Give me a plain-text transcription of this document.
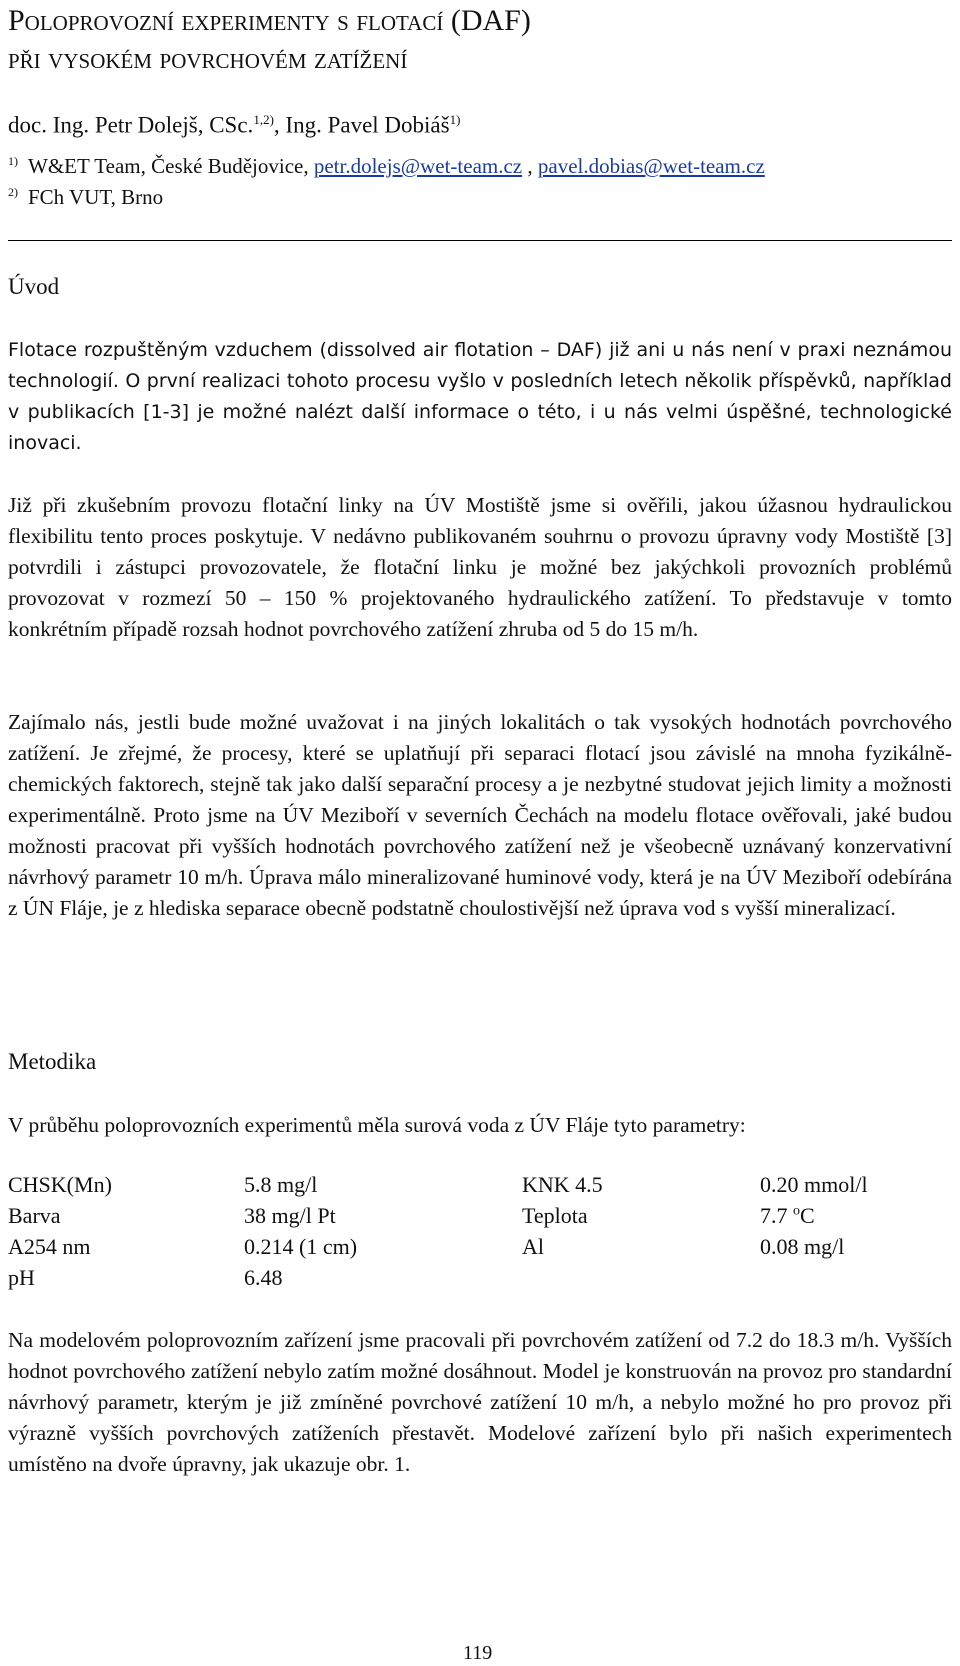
Poloprovozní experimenty s flotací (DAF)
při vysokém povrchovém zatížení

doc. Ing. Petr Dolejš, CSc.$^{1,2)}$, Ing. Pavel Dobiáš$^{1)}$

$^{1)}$ W&ET Team, České Budějovice, petr.dolejs@wet-team.cz , pavel.dobias@wet-team.cz

$^{2)}$ FCh VUT, Brno

Úvod

Flotace rozpuštěným vzduchem (dissolved air flotation – DAF) již ani u nás není v praxi neznámou technologií. O první realizaci tohoto procesu vyšlo v posledních letech několik příspěvků, například v publikacích [1-3] je možné nalézt další informace o této, i u nás velmi úspěšné, technologické inovaci.

Již při zkušebním provozu flotační linky na ÚV Mostiště jsme si ověřili, jakou úžasnou hydraulickou flexibilitu tento proces poskytuje. V nedávno publikovaném souhrnu o provozu úpravny vody Mostiště [3] potvrdili i zástupci provozovatele, že flotační linku je možné bez jakýchkoli provozních problémů provozovat v rozmezí 50 – 150 % projektovaného hydraulického zatížení. To představuje v tomto konkrétním případě rozsah hodnot povrchového zatížení zhruba od 5 do 15 m/h.

Zajímalo nás, jestli bude možné uvažovat i na jiných lokalitách o tak vysokých hodnotách povrchového zatížení. Je zřejmé, že procesy, které se uplatňují při separaci flotací jsou závislé na mnoha fyzikálně-chemických faktorech, stejně tak jako další separační procesy a je nezbytné studovat jejich limity a možnosti experimentálně. Proto jsme na ÚV Meziboří v severních Čechách na modelu flotace ověřovali, jaké budou možnosti pracovat při vyšších hodnotách povrchového zatížení než je všeobecně uznávaný konzervativní návrhový parametr 10 m/h. Úprava málo mineralizované huminové vody, která je na ÚV Meziboří odebírána z ÚN Fláje, je z hlediska separace obecně podstatně choulostivější než úprava vod s vyšší mineralizací.

Metodika

V průběhu poloprovozních experimentů měla surová voda z ÚV Fláje tyto parametry:

CHSK(Mn)	5.8 mg/l	KNK 4.5	0.20 mmol/l
Barva	38 mg/l Pt	Teplota	7.7 $^o$C
A254 nm	0.214 (1 cm)	Al	0.08 mg/l
pH	6.48

Na modelovém poloprovozním zařízení jsme pracovali při povrchovém zatížení od 7.2 do 18.3 m/h. Vyšších hodnot povrchového zatížení nebylo zatím možné dosáhnout. Model je konstruován na provoz pro standardní návrhový parametr, kterým je již zmíněné povrchové zatížení 10 m/h, a nebylo možné ho pro provoz při výrazně vyšších povrchových zatíženích přestavět. Modelové zařízení bylo při našich experimentech umístěno na dvoře úpravny, jak ukazuje obr. 1.

119
